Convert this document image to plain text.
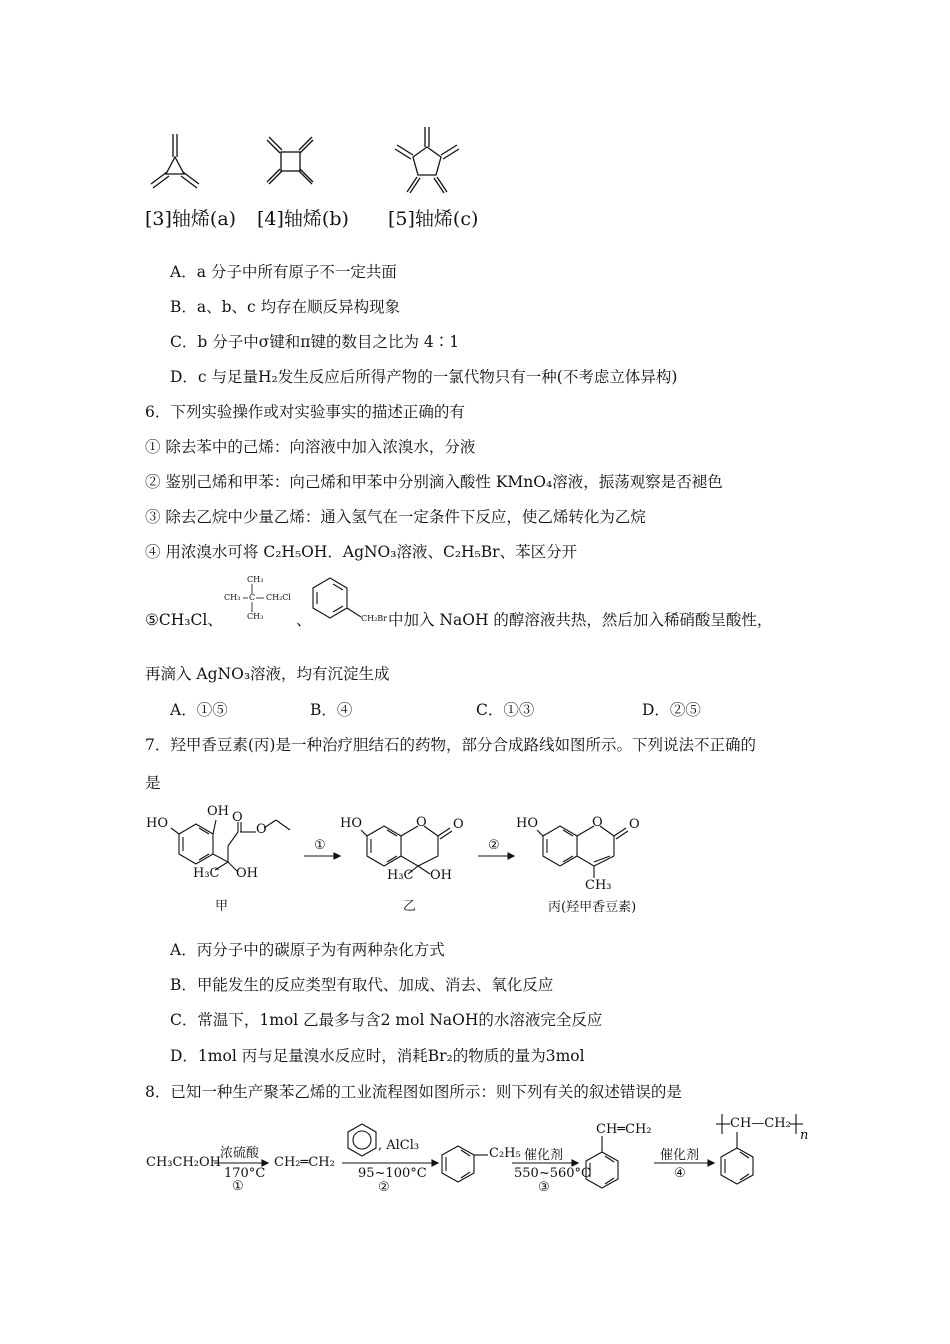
[3]轴烯(a) [4]轴烯(b) [5]轴烯(c)
A．a 分子中所有原子不一定共面
B．a、b、c 均存在顺反异构现象
C．b 分子中σ键和π键的数目之比为 4∶1
D．c 与足量H₂发生反应后所得产物的一氯代物只有一种(不考虑立体异构)
6．下列实验操作或对实验事实的描述正确的有
① 除去苯中的己烯：向溶液中加入浓溴水，分液
② 鉴别己烯和甲苯：向己烯和甲苯中分别滴入酸性 KMnO₄溶液，振荡观察是否褪色
③ 除去乙烷中少量乙烯：通入氢气在一定条件下反应，使乙烯转化为乙烷
④ 用浓溴水可将 C₂H₅OH．AgNO₃溶液、C₂H₅Br、苯区分开
⑤CH₃Cl、
CH₃
CH₃ C CH₂Cl
CH₃ 、	CH₂Br 中加入 NaOH 的醇溶液共热，然后加入稀硝酸呈酸性，
再滴入 AgNO₃溶液，均有沉淀生成
A．①⑤	B．④	C．①③	D．②⑤
7．羟甲香豆素(丙)是一种治疗胆结石的药物，部分合成路线如图所示。下列说法不正确的
是
HO
OH O
O
H₃C OH
甲
①
HO	O O
H₃C OH
乙
②
HO	O O
CH₃
丙(羟甲香豆素)
A．丙分子中的碳原子为有两种杂化方式
B．甲能发生的反应类型有取代、加成、消去、氧化反应
C．常温下，1mol 乙最多与含2 mol NaOH的水溶液完全反应
D．1mol 丙与足量溴水反应时，消耗Br₂的物质的量为3mol
8．已知一种生产聚苯乙烯的工业流程图如图所示：则下列有关的叙述错误的是
CH₃CH₂OH
浓硫酸
170°C
①
CH₂═CH₂
, AlCl₃
95~100°C
②
C₂H₅ 催化剂
550~560°C
③
CH═CH₂
催化剂
④
CH—CH₂
n
